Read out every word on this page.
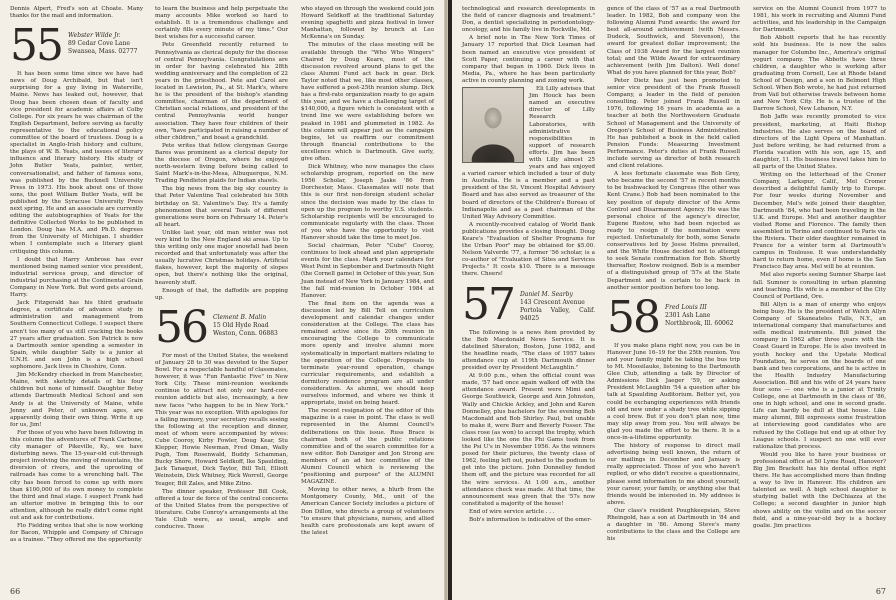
Dennis Alpert, Fred's son at Choate. Many thanks for the mail and information.

55 Webster Wilde Jr.
89 Cedar Cove Lane
Swansea, Mass. 02777

It has been some time since we have had news of Doug Archibald, but that isn't surprising for a guy living in Waterville, Maine. News has leaked out, however, that Doug has been chosen dean of faculty and vice president for academic affairs at Colby College. For six years he was chairman of the English Department, before serving as faculty representative to the educational policy committee of the board of trustees. Doug is a specialist in Anglo-Irish history and culture, the plays of W. B. Yeats, and issues of literary influence and literary history. His study of John Butler Yeats, painter, writer, conversationalist, and father of famous sons, was published by the Bucknell University Press in 1973. His book about one of those sons, the poet William Butler Yeats, will be published by the Syracuse University Press next spring. He and an associate are currently editing the autobiographies of Yeats for the definitive Collected Works to be published in London. Doug has M.A. and Ph.D. degrees from the University of Michigan. I shudder when I contemplate such a literary giant critiquing this column.

I doubt that Harry Ambrose has ever mentioned being named senior vice president, industrial services group, and director of industrial purchasing at the Continental Grain Company in New York. But word gets around, Harry.

Jack Fitzgerald has his third graduate degree, a certificate of advance study in administration and management from Southern Connecticut College. I suspect there aren't too many of us still cracking the books 27 years after graduation. Son Patrick is now a Dartmouth senior spending a semester in Spain, while daughter Sally is a junior at U.N.H. and son John is a high school sophomore. Jack lives in Cheshire, Conn.

Jim McKendry checked in from Manchester, Maine, with sketchy details of his four children but none of himself. Daughter Betsy attends Dartmouth Medical School and son Andy is at the University of Maine, while Jenny and Peter, of unknown ages, are apparently doing their own thing. Write it up for us, Jim!

For those of you who have been following in this column the adventures of Frank Carbone, city manager of Pikeville, Ky., we have disturbing news. The 15-year-old cut-through project involving the moving of mountains, the diversion of rivers, and the uprooting of railroads has come to a wrenching halt. The city has been forced to come up with more than $100,000 of its own money to complete the third and final stage. I suspect Frank had an ulterior motive in bringing this to our attention, although he really didn't come right out and ask for contributions.

Flo Fielding writes that she is now working for Bacon, Whipple and Company of Chicago as a trainee. "They offered me the opportunity

to learn the business and help perpetuate the many accounts Mike worked so hard to establish. It is a tremendous challenge and certainly fills every minute of my time." Our best wishes for a successful career.

Pete Greenfield recently returned to Pennsylvania as clerical deputy for the diocese of central Pennsylvania. Congratulations are in order for having celebrated his 28th wedding anniversary and the completion of 22 years in the priesthood. Pete and Carol are located in Lewiston, Pa., at St. Mark's, where he is the president of the bishop's standing committee, chairman of the department of Christian social relations, and president of the central Pennsylvania world hunger association. They have four children of their own, "have participated in raising a number of other children," and boast a grandchild.

Pete writes that fellow clergyman George Bares was prominent as a clerical deputy for the diocese of Oregon, where he enjoyed north-western living before being called to Saint Mark's-in-the-Mesa, Albuquerque, N.M. Trading Pendleton plaids for Indian shawls.

The big news from the big sky country is that Peter Valentine Teal celebrated his 50th birthday on St. Valentine's Day. It's a family phenomenon that several Teals of different generations were born on February 14. Peter's all heart.

Unlike last year, old man winter was not very kind to the New England ski areas. Up to this writing only one major snowfall had been recorded and that unfortunately was after the usually lucrative Christmas holidays. Artificial flakes, however, kept the majority of slopes open, but there's nothing like the original, heavenly stuff.

Enough of that, the daffodils are popping up.

56 Clement B. Malin
15 Old Hyde Road
Weston, Conn. 06883

For most of the United States, the weekend of January 28 to 30 was devoted to the Super Bowl. For a respectable handful of classmates, however, it was "Fun Fantastic Five" in New York City. These mini-reunion weekends continue to attract not only our hard-core reunion addicts but also, increasingly, a few new faces "who happen to be in New York." This year was no exception. With apologies for a failing memory, your secretary recalls seeing the following at the reception and dinner, most of whom were accompanied by wives: Cube Cooroy, Kirby Fowler, Doug Kear, Stu Klepper, Howie Newman, Fred Oman, Wally Pugh, Tom Rosenwald, Buddy Schamman, Bucky Shore, Howard Seldkoff, Ike Spaulding, Jack Tanaquet, Dick Taylor, Bill Tell, Elliott Weinstein, Dick Whitney, Rick Worrell, George Yeager, Bill Zales, and Mike Zitno.

The dinner speaker, Professor Bill Cook, offered a tour de force of the central concerns of the United States from the perspective of literature. Cube Conroy's arrangements at the Yale Club were, as usual, ample and conducive. Those

who stayed on through the weekend could join Howard Seldkoff at the traditional Saturday evening spaghetti and pizza festival in lower Manhattan, followed by brunch at Leo McKenna's on Sunday.

The minutes of the class meeting will be available through the "Who Who Wingers" Chaired by Doug Keare, most of the discussion revolved around plans to get the class Alumni Fund act back in gear. Dick Taylor noted that we, like most other classes, have suffered a post-25th reunion slump. Dick has a first-rate organization ready to go again this year, and we have a challenging target of $140,000, a figure which is consistent with a trend line we were establishing before we peaked in 1981 and plummeted in 1982. As this column will appear just as the campaign begins, let us reaffirm our commitment through financial contributions to the excellence which is Dartmouth. Give early, give often.

Dick Whitney, who now manages the class scholarship program, reported on the new 1956 Scholar, Joseph Jaske '86 from Dorchester, Mass. Classmates will note that this is our first non-foreign student scholar since the decision was made by the class to open up the program to worthy U.S. students. Scholarship recipients will be encouraged to communicate regularly with the class. Those of you who have the opportunity to visit Hanover should take the time to meet Joe.

Social chairman, Peter "Cube" Cooroy, continues to look ahead and plan appropriate events for the class. Mark your calendars for West Point in September and Dartmouth Night (the Cornell game) in October of this year, Sun Juan instead of New York in January 1984, and the fall mid-reunion in October 1984 at Hanover.

The final item on the agenda was a discussion led by Bill Tell on curriculum development and calendar changes under consideration at the College. The class has remained active since its 20th reunion in encouraging the College to communicate more openly and involve alumni more systematically in important matters relating to the operation of the College. Proposals to terminate year-round operation, change curricular requirements, and establish a dormitory residence program are all under consideration. As alumni, we should keep ourselves informed, and where we think it appropriate, insist on being heard.

The recent resignation of the editor of this magazine is a case in point. The class is well represented in the Alumni Council's deliberations on this issue. Russ Brace is chairman both of the public relations committee and of the search committee for a new editor. Bob Danziger and Jon Strong are members of an ad hoc committee of the Alumni Council which is reviewing the "positioning and purpose" of the ALUMNI MAGAZINE.

Moving to other news, a blurb from the Montgomery County, Md., unit of the American Cancer Society includes a picture of Don Dillon, who directs a group of volunteers "to ensure that physicians, nurses, and allied health care professionals are kept aware of the latest

66

technological and research developments in the field of cancer diagnosis and treatment." Don, a dentist specializing in periodontology-oncology, and his family live in Rockville, Md.

A brief note in The New York Times of January 17 reported that Dick Leaman had been named an executive vice president of Scott Paper, continuing a career with that company that began in 1960. Dick lives in Media, Pa., where he has been particularly active in county planning and zoning work.

Eli Lilly advises that Jim Houck has been named an executive director of Lilly Research Laboratories, with administrative responsibilities in support of research efforts. Jim has been with Lilly almost 25 years and has enjoyed a varied career which included a tour of duty in Australia. He is a member and a past president of the St. Vincent Hospital Advisory Board and has also served as treasurer of the board of directors of the Children's Bureau of Indianapolis and as a past chairman of the United Way Advisory Committee.

A recently-received catalog of World Bank publications provides a closing thought. Doug Keare's "Evaluation of Shelter Programs for the Urban Poor" may be obtained for $5.00. Nelson Valverde '77, a former '56 scholar, is a co-author of "Evaluation of Sites and Services Projects." It costs $10. There is a message there. Cheers!

57 Daniel M. Searby
143 Crescent Avenue
Portola Valley, Calif. 94025

The following is a news item provided by the Bob Macdonald News Service. It is datelined Sheraton, Boston, June 1982, and the headline reads, "The class of 1957 takes attendance cup at 119th Dartmouth dinner presided over by President McLaughlin."

At 9:00 p.m., when the official count was made, '57 had once again walked off with the attendance award. Present were Mimi and George Southwick, George and Ann Johnston, Wally and Chickie Ackley, and John and Karen Donnelley, plus bachelors for the evening Bob Macdonald and Bob Shirley. Paul, but unable to make it, were Burr and Beverly Fosser. The class rose (as won) to accept the trophy, which looked like the one the Phi Gams took from the Psi U's in November 1956. As the winners posed for their pictures, the twenty class of 1962, feeling left out, pushed to the podium to get into the picture. John Donnelley fended them off, and the picture was recorded for all the wire services. At 1:00 a.m., another attendance check was made. At that time, the announcement was given that the '57s now constituted a majority of the house!

End of wire service article . . .

Bob's information is indicative of the emer-

gence of the class of '57 as a real Dartmouth leader. In 1982, Bob and company won the following Alumni Fund awards: the award for best all-around achievement (with Messrs. Dudeck, Southwick, and Stevenson), the award for greatest dollar improvement; the Class of 1938 Award for the largest reunion total; and the Wilde Award for extraordinary achievement (with Jim Dalton). Well done! What do you have planned for this year, Bob?

Peter Dietz has just been promoted to senior vice president of the Frank Russell Company, a leader in the field of pension consulting. Peter joined Frank Russell in 1976, following 16 years in academia as a teacher at both the Northwestern Graduate School of Management and the University of Oregon's School of Business Administration. He has published a book in the field called Pension Funds: Measuring Investment Performance. Peter's duties at Frank Russell include serving as director of both research and client relations.

A less fortunate classmate was Bob Grey, who became the second '57 in recent months to be bushwacked by Congress (the other was Kent Crane.) Bob had been nominated to the key position of deputy director of the Arms Control and Disarmament Agency. He was the personal choice of the agency's director, Eugene Rostow, who had been rejected as ready to resign if the nomination were rejected. Unfortunately for both, some Senate conservatives led by Jesse Helms prevailed, and the White House decided not to attempt to seek Senate confirmation for Bob. Shortly thereafter, Rostow resigned. Bob is a member of a distinguished group of '57s at the State Department and is certain to be back in another senior position before too long.

58 Fred Louis III
2301 Ash Lane
Northbrook, Ill. 60062

If you make plans right now, you can be in Hanover June 16–19 for the 25th reunion. You and your family might be taking the bus trip to Mt. Moosilauke, listening to the Dartmouth Glee Club, attending a talk by Director of Admissions Dick Jaeger '59, or asking President McLaughlin '54 a question after his talk at Spaulding Auditorium. Better yet, you could be exchanging experiences with friends old and new under a shady tree while sipping a cool brew. But if you don't plan now, time may slip away from you. You will always be glad you made the effort to be there. It is a once-in-a-lifetime opportunity.

The history of response to direct mail advertising being well known, the return of our mailings in December and January is really appreciated. Those of you who haven't replied, or who didn't receive a questionnaire, please send information to me about yourself, your career, your family, or anything else that friends would be interested in. My address is above.

Our class's resident Poughkeepsian, Steve Rheingold, has a son at Dartmouth in '84 and a daughter in '86. Among Steve's many contributions to the class and the College are his

service on the Alumni Council from 1977 to 1981, his work in recruiting and Alumni Fund activities, and his leadership in the Campaign for Dartmouth.

Bob Abbott reports that he has recently sold his business. He is now the sales manager for Columbo Inc., America's original yogurt company. The Abbotts have three children, a daughter who is working after graduating from Cornell, Lee at Rhode Island School of Design, and a son in Belmont High School. When Bob wrote, he had just returned from Vail but otherwise travels between home and New York City. He is a trustee of the Darrow School, New Lebanon, N.Y.

Bob Jaffe was recently promoted to vice president, marketing, at Haiti Bishop Industries. He also serves on the board of directors of the Light Opera of Manhattan. Just before writing, he had returned from a Florida vacation with his son, age 15, and daughter, 11. His business travel takes him to all parts of the United States.

Writing on the letterhead of the Croner Company, Larkspur, Calif., Mel Cromer described a delightful family trip to Europe. For four weeks during November and December, Mel's wife joined their daughter, Dartmouth '84, who had been traveling in the U.K. and Europe. Mel and another daughter visited Rome and Florence. The family then assembled in Torino and continued to Paris via the Riviera. Their older daughter remained in France for a winter term at Dartmouth's campus in Toulouse. It was understandably hard to return home, even if home is the San Francisco Bay area. Mel will be at reunion.

Mel also reports seeing Sumner Sharpe last fall. Sumner is consulting in urban planning and teaching. His wife is a member of the City Council of Portland, Ore.

Bill Allyn is a man of energy who enjoys being busy. He is the president of Welch Allyn Company of Skaneateles Falls, N.Y., an international company that manufactures and sells medical instruments. Bill joined the company in 1962 after three years with the Coast Guard in Europe. He is also involved in youth hockey and the Upstate Medical Foundation, he serves on the boards of one bank and two corporations, and he is active in the Health Industry Manufacturing Association. Bill and his wife of 24 years have four sons — one who is a junior at Trinity College, one at Dartmouth in the class of '86, one in high school, and one in second grade. Life can hardly be dull at that house. Like many alumni, Bill expresses some frustration at interviewing good candidates who are refused by the College but end up at other Ivy League schools. I suspect no one will ever rationalize that process.

Would you like to have your business or professional office at 50 Lyme Road, Hanover? Big Jim Brackett has his dental office right there. He has accomplished more than finding a way to live in Hanover. His children are talented as well. A high school daughter is studying ballet with the DeChiazza at the College; a second daughter in junior high shows ability on the violin and on the soccer field, and a nine-year-old boy is a hockey goalie. Jim practices

67
